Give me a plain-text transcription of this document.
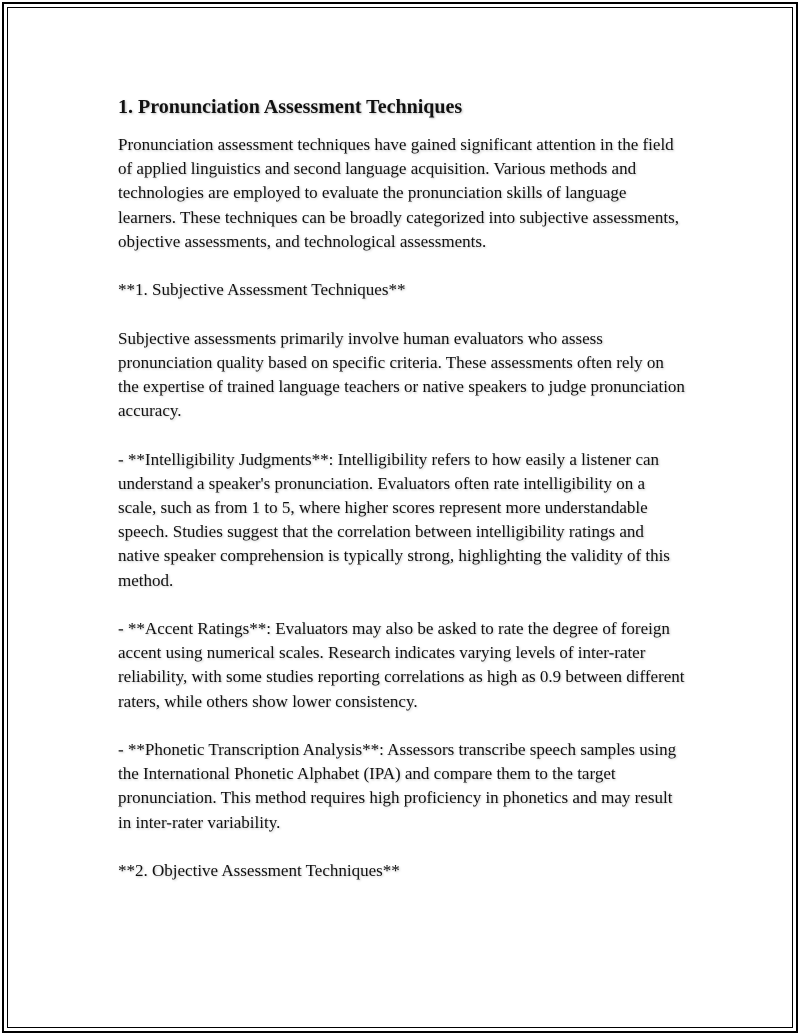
1. Pronunciation Assessment Techniques

Pronunciation assessment techniques have gained significant attention in the field of applied linguistics and second language acquisition. Various methods and technologies are employed to evaluate the pronunciation skills of language learners. These techniques can be broadly categorized into subjective assessments, objective assessments, and technological assessments.

**1. Subjective Assessment Techniques**

Subjective assessments primarily involve human evaluators who assess pronunciation quality based on specific criteria. These assessments often rely on the expertise of trained language teachers or native speakers to judge pronunciation accuracy.

- **Intelligibility Judgments**: Intelligibility refers to how easily a listener can understand a speaker's pronunciation. Evaluators often rate intelligibility on a scale, such as from 1 to 5, where higher scores represent more understandable speech. Studies suggest that the correlation between intelligibility ratings and native speaker comprehension is typically strong, highlighting the validity of this method.

- **Accent Ratings**: Evaluators may also be asked to rate the degree of foreign accent using numerical scales. Research indicates varying levels of inter-rater reliability, with some studies reporting correlations as high as 0.9 between different raters, while others show lower consistency.

- **Phonetic Transcription Analysis**: Assessors transcribe speech samples using the International Phonetic Alphabet (IPA) and compare them to the target pronunciation. This method requires high proficiency in phonetics and may result in inter-rater variability.

**2. Objective Assessment Techniques**
